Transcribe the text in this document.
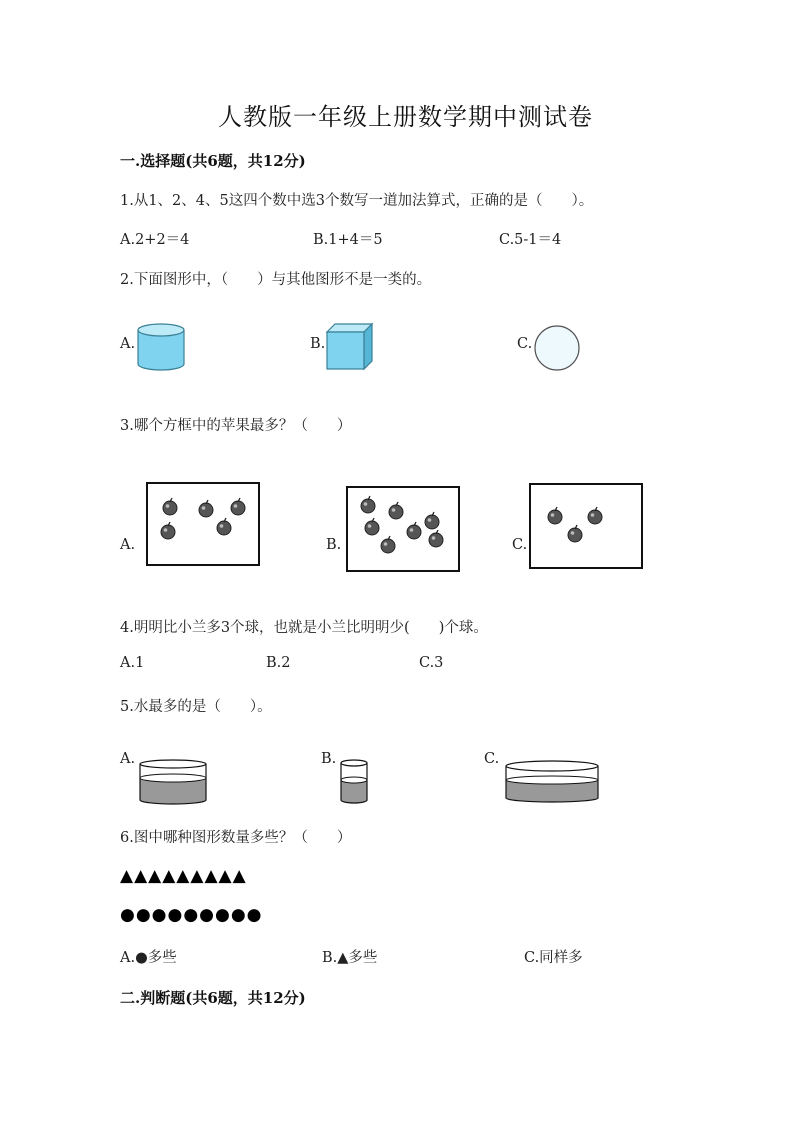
人教版一年级上册数学期中测试卷
一.选择题(共6题，共12分)
1.从1、2、4、5这四个数中选3个数写一道加法算式，正确的是（　　）。
A.2+2＝4	B.1+4＝5	C.5-1＝4
2.下面图形中，（　　）与其他图形不是一类的。
A.	B.	C.
3.哪个方框中的苹果最多？（　　）
A.	B.	C.
4.明明比小兰多3个球，也就是小兰比明明少(　　)个球。
A.1	B.2	C.3
5.水最多的是（　　）。
A.	B.	C.
6.图中哪种图形数量多些？（　　）
▲▲▲▲▲▲▲▲▲
●●●●●●●●●
A.●多些	B.▲多些	C.同样多
二.判断题(共6题，共12分)
